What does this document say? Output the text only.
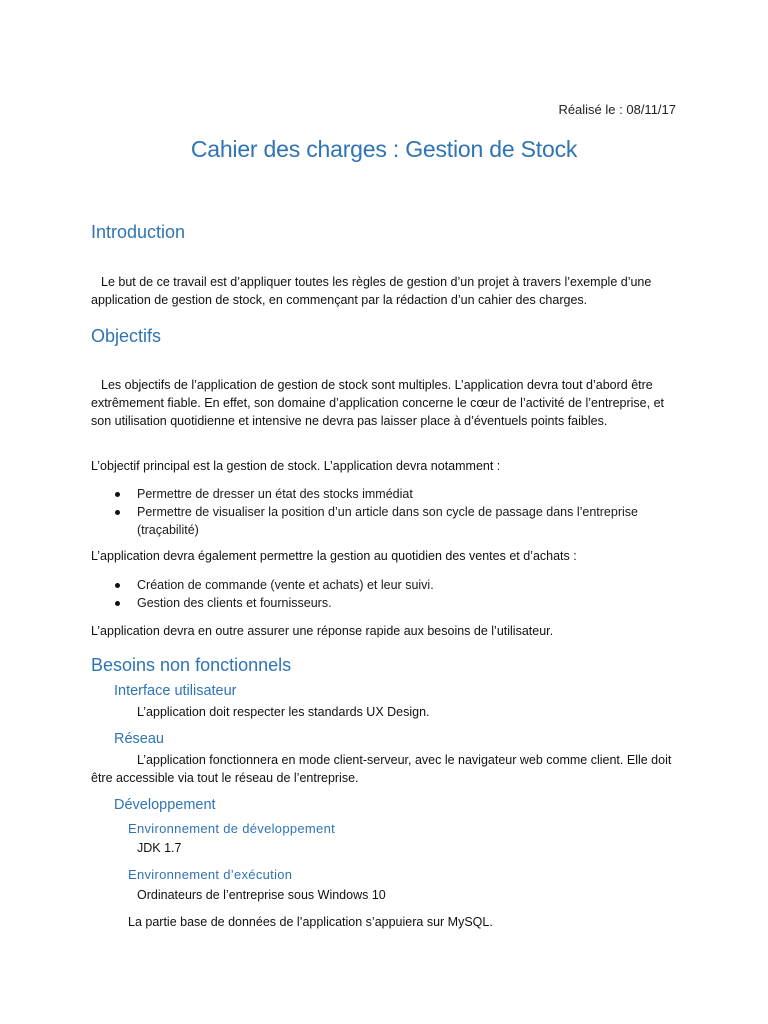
Réalisé le : 08/11/17
Cahier des charges : Gestion de Stock
Introduction
Le but de ce travail est d’appliquer toutes les règles de gestion d’un projet à travers l’exemple d’une application de gestion de stock, en commençant par la rédaction d’un cahier des charges.
Objectifs
Les objectifs de l’application de gestion de stock sont multiples. L’application devra tout d’abord être extrêmement fiable. En effet, son domaine d’application concerne le cœur de l’activité de l’entreprise, et son utilisation quotidienne et intensive ne devra pas laisser place à d’éventuels points faibles.
L’objectif principal est la gestion de stock. L’application devra notamment :
Permettre de dresser un état des stocks immédiat
Permettre de visualiser la position d’un article dans son cycle de passage dans l’entreprise (traçabilité)
L’application devra également permettre la gestion au quotidien des ventes et d’achats :
Création de commande (vente et achats) et leur suivi.
Gestion des clients et fournisseurs.
L’application devra en outre assurer une réponse rapide aux besoins de l’utilisateur.
Besoins non fonctionnels
Interface utilisateur
L’application doit respecter les standards UX Design.
Réseau
L’application fonctionnera en mode client-serveur, avec le navigateur web comme client. Elle doit être accessible via tout le réseau de l’entreprise.
Développement
Environnement de développement
JDK 1.7
Environnement d’exécution
Ordinateurs de l’entreprise sous Windows 10
La partie base de données de l’application s’appuiera sur MySQL.
